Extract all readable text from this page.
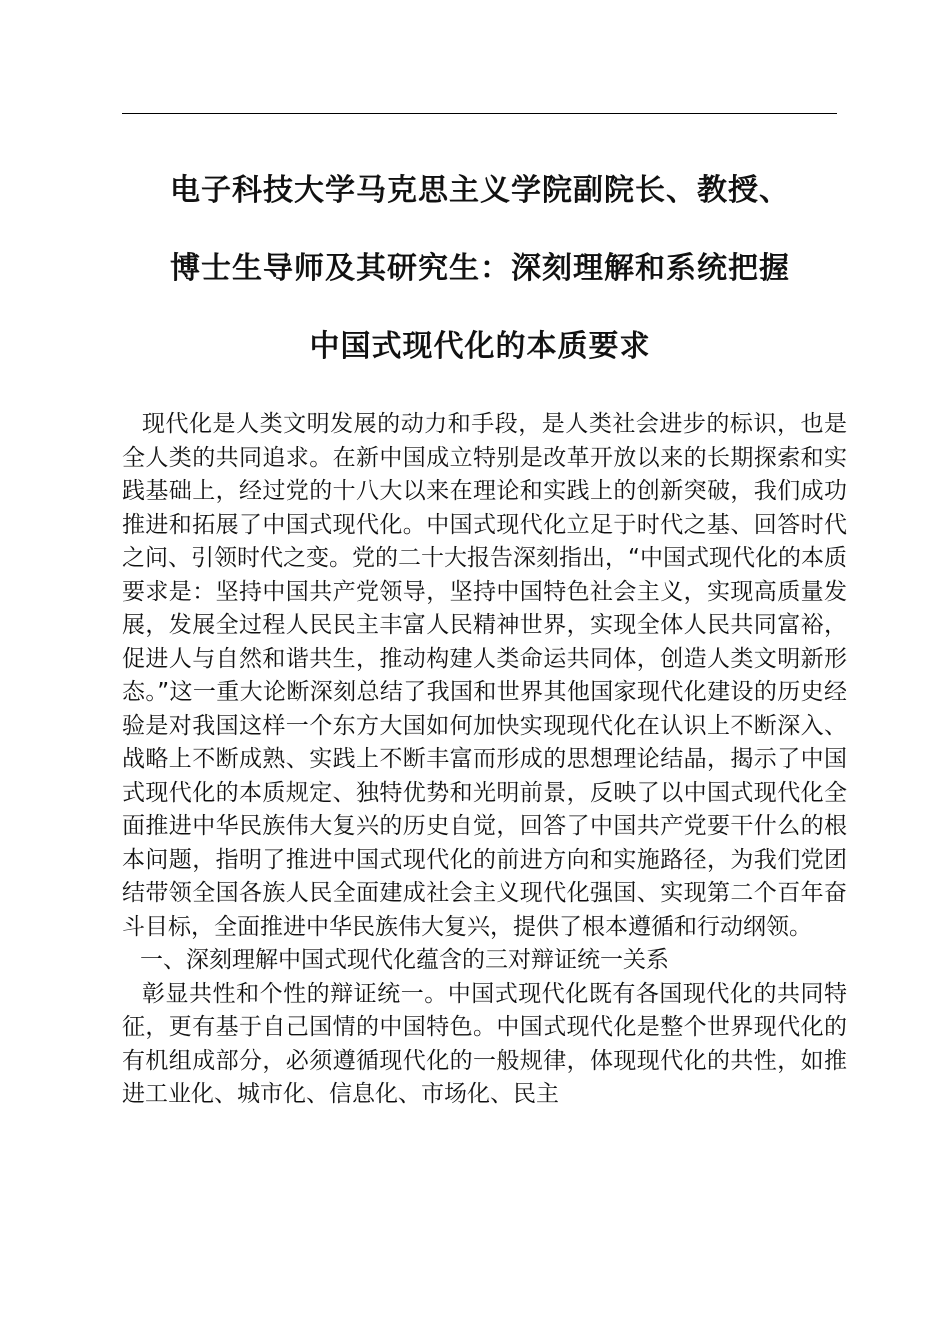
电子科技大学马克思主义学院副院长、教授、
博士生导师及其研究生：深刻理解和系统把握
中国式现代化的本质要求

现代化是人类文明发展的动力和手段，是人类社会进步的标识，也是全人类的共同追求。在新中国成立特别是改革开放以来的长期探索和实践基础上，经过党的十八大以来在理论和实践上的创新突破，我们成功推进和拓展了中国式现代化。中国式现代化立足于时代之基、回答时代之问、引领时代之变。党的二十大报告深刻指出，“中国式现代化的本质要求是：坚持中国共产党领导，坚持中国特色社会主义，实现高质量发展，发展全过程人民民主丰富人民精神世界，实现全体人民共同富裕，促进人与自然和谐共生，推动构建人类命运共同体，创造人类文明新形态。”这一重大论断深刻总结了我国和世界其他国家现代化建设的历史经验是对我国这样一个东方大国如何加快实现现代化在认识上不断深入、战略上不断成熟、实践上不断丰富而形成的思想理论结晶，揭示了中国式现代化的本质规定、独特优势和光明前景，反映了以中国式现代化全面推进中华民族伟大复兴的历史自觉，回答了中国共产党要干什么的根本问题，指明了推进中国式现代化的前进方向和实施路径，为我们党团结带领全国各族人民全面建成社会主义现代化强国、实现第二个百年奋斗目标，全面推进中华民族伟大复兴，提供了根本遵循和行动纲领。

一、深刻理解中国式现代化蕴含的三对辩证统一关系

彰显共性和个性的辩证统一。中国式现代化既有各国现代化的共同特征，更有基于自己国情的中国特色。中国式现代化是整个世界现代化的有机组成部分，必须遵循现代化的一般规律，体现现代化的共性，如推进工业化、城市化、信息化、市场化、民主
